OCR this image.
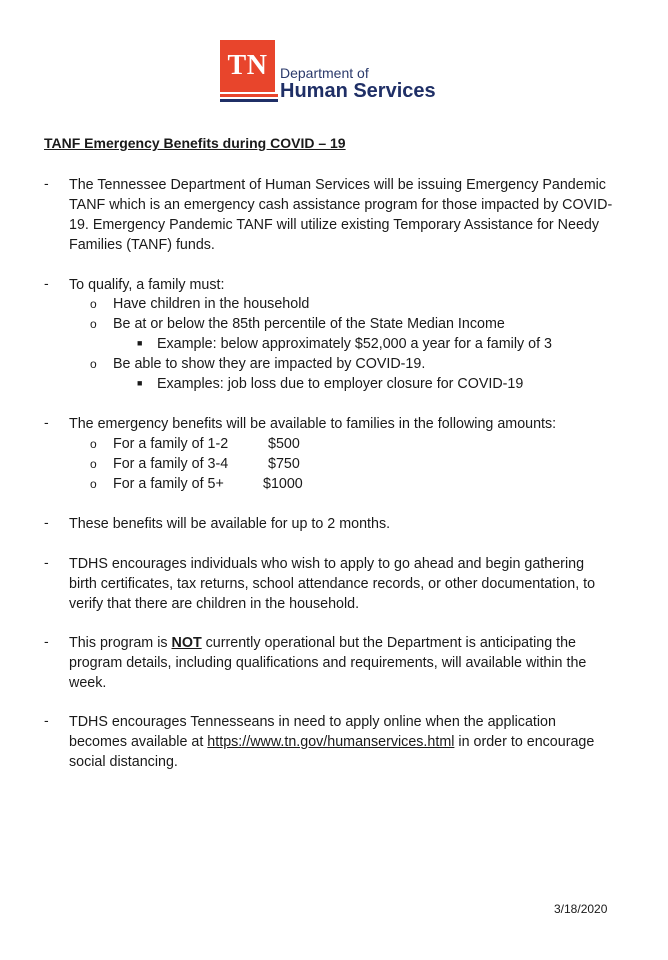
TN Department of
Human Services
TANF Emergency Benefits during COVID – 19
- The Tennessee Department of Human Services will be issuing Emergency Pandemic TANF which is an emergency cash assistance program for those impacted by COVID-19. Emergency Pandemic TANF will utilize existing Temporary Assistance for Needy Families (TANF) funds.
- To qualify, a family must:
o Have children in the household
o Be at or below the 85th percentile of the State Median Income
■ Example: below approximately $52,000 a year for a family of 3
o Be able to show they are impacted by COVID-19.
■ Examples: job loss due to employer closure for COVID-19
- The emergency benefits will be available to families in the following amounts:
o For a family of 1-2	$500
o For a family of 3-4	$750
o For a family of 5+	$1000
- These benefits will be available for up to 2 months.
- TDHS encourages individuals who wish to apply to go ahead and begin gathering birth certificates, tax returns, school attendance records, or other documentation, to verify that there are children in the household.
- This program is NOT currently operational but the Department is anticipating the program details, including qualifications and requirements, will available within the week.
- TDHS encourages Tennesseans in need to apply online when the application becomes available at https://www.tn.gov/humanservices.html in order to encourage social distancing.
3/18/2020
